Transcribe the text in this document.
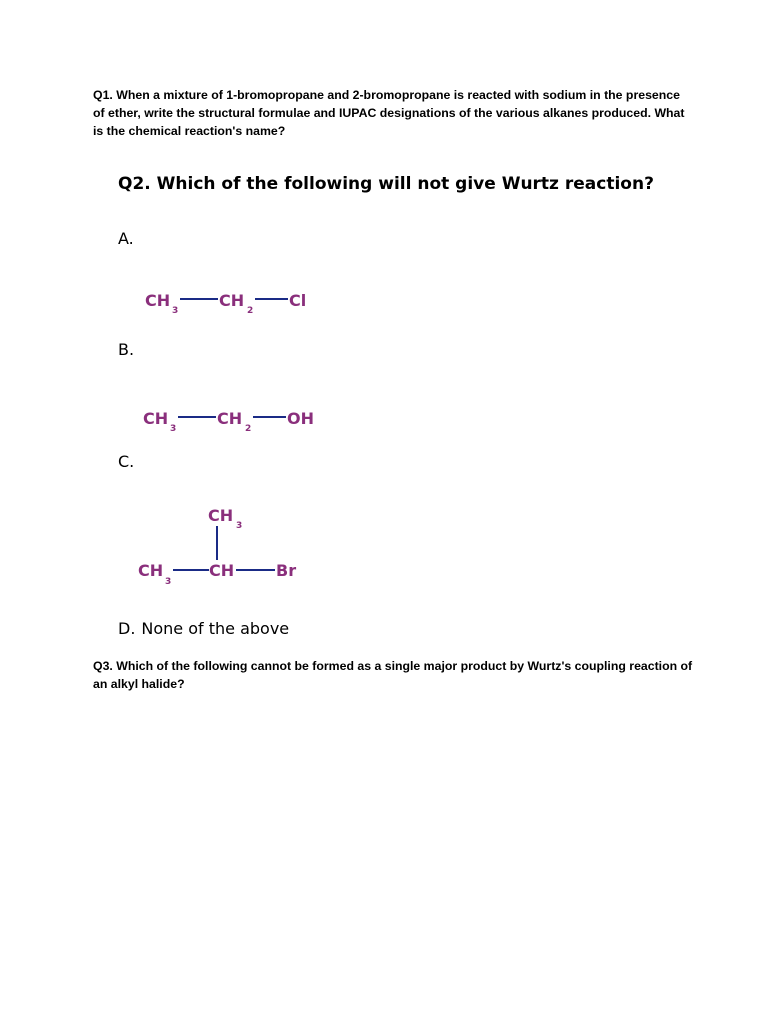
Q1. When a mixture of 1-bromopropane and 2-bromopropane is reacted with sodium in the presence of ether, write the structural formulae and IUPAC designations of the various alkanes produced. What is the chemical reaction's name?

Q2. Which of the following will not give Wurtz reaction?

A.

CH
3
CH
2
Cl

B.

CH
3
CH
2
OH

C.

CH
3
CH
3
CH	Br

D. None of the above

Q3. Which of the following cannot be formed as a single major product by Wurtz's coupling reaction of an alkyl halide?
